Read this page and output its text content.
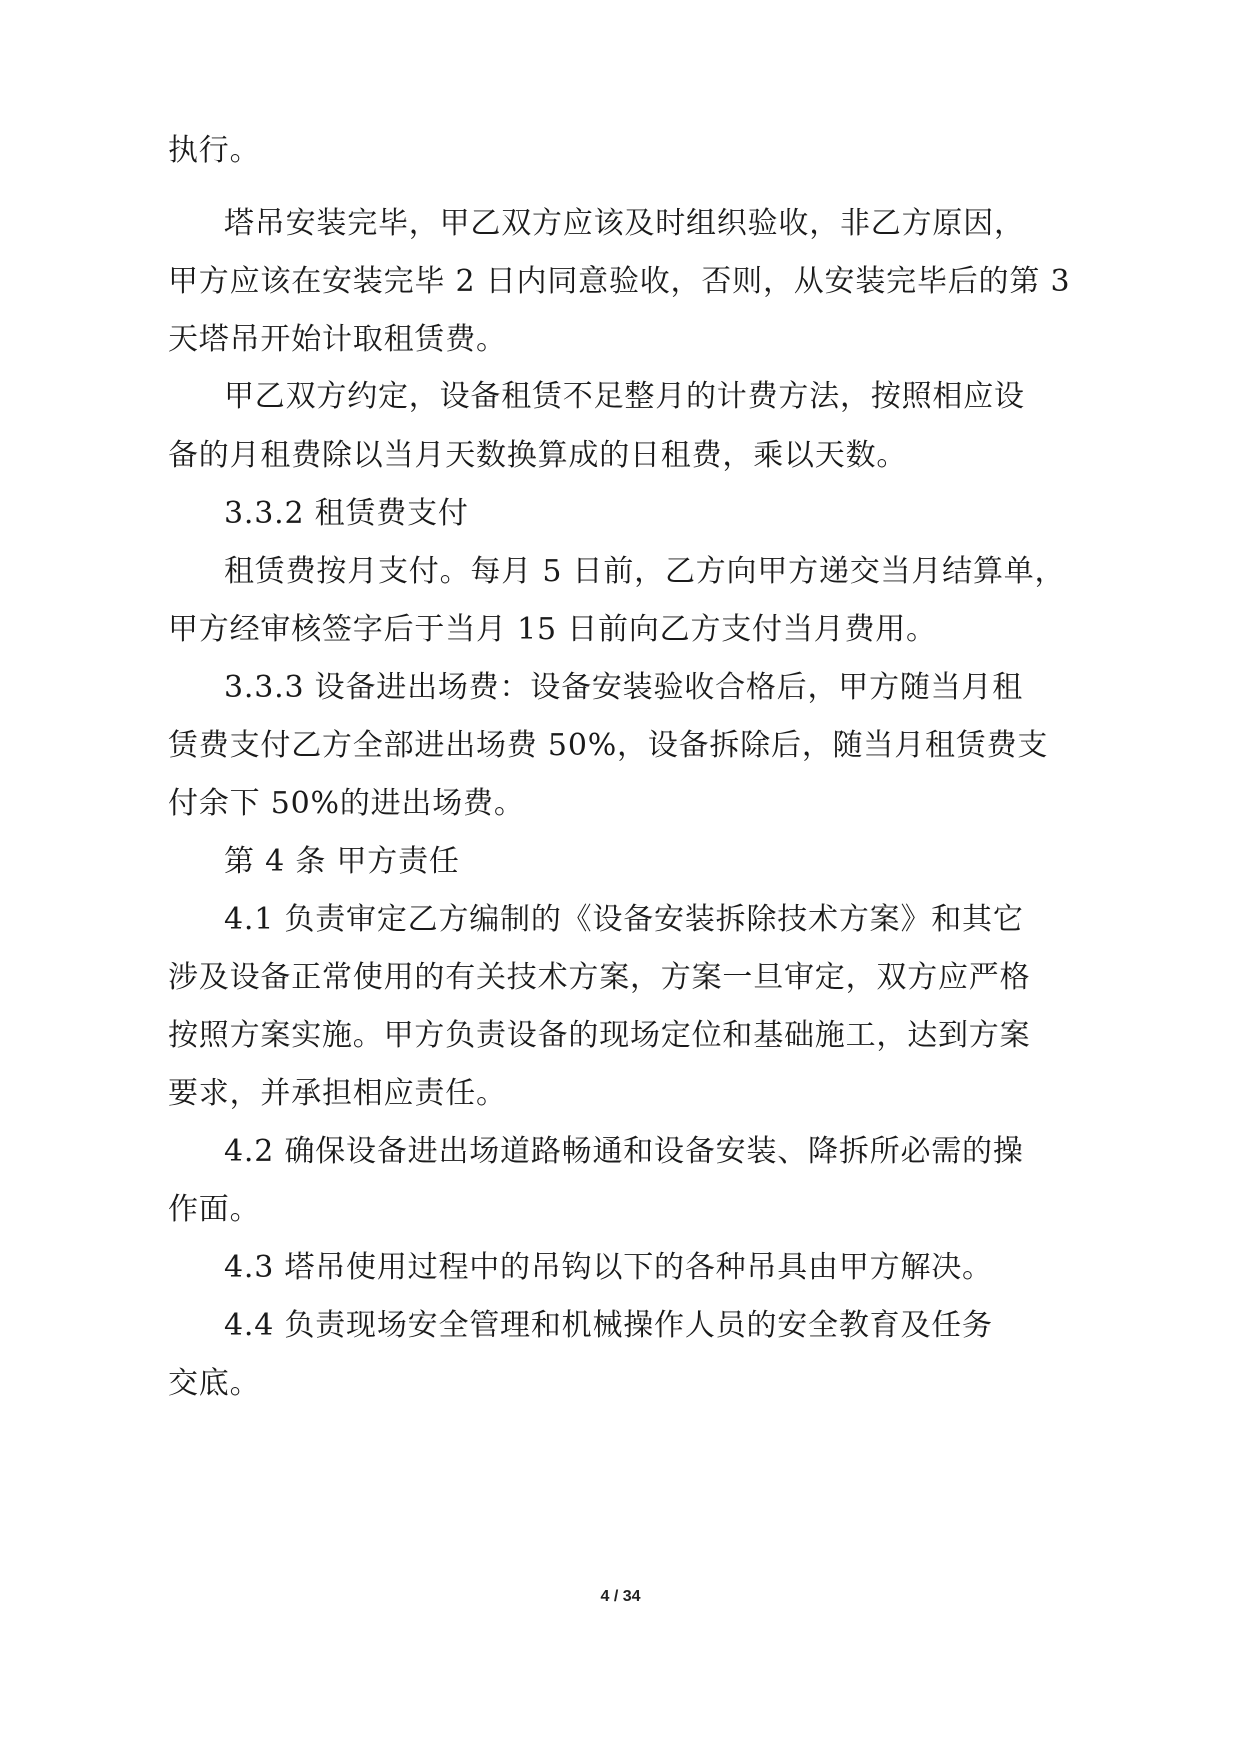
执行。
塔吊安装完毕，甲乙双方应该及时组织验收，非乙方原因，
甲方应该在安装完毕 2 日内同意验收，否则，从安装完毕后的第 3
天塔吊开始计取租赁费。
甲乙双方约定，设备租赁不足整月的计费方法，按照相应设
备的月租费除以当月天数换算成的日租费，乘以天数。
3.3.2 租赁费支付
租赁费按月支付。每月 5 日前，乙方向甲方递交当月结算单，
甲方经审核签字后于当月 15 日前向乙方支付当月费用。
3.3.3 设备进出场费：设备安装验收合格后，甲方随当月租
赁费支付乙方全部进出场费 50%，设备拆除后，随当月租赁费支
付余下 50%的进出场费。
第 4 条 甲方责任
4.1 负责审定乙方编制的《设备安装拆除技术方案》和其它
涉及设备正常使用的有关技术方案，方案一旦审定，双方应严格
按照方案实施。甲方负责设备的现场定位和基础施工，达到方案
要求，并承担相应责任。
4.2 确保设备进出场道路畅通和设备安装、降拆所必需的操
作面。
4.3 塔吊使用过程中的吊钩以下的各种吊具由甲方解决。
4.4 负责现场安全管理和机械操作人员的安全教育及任务
交底。
4 / 34
